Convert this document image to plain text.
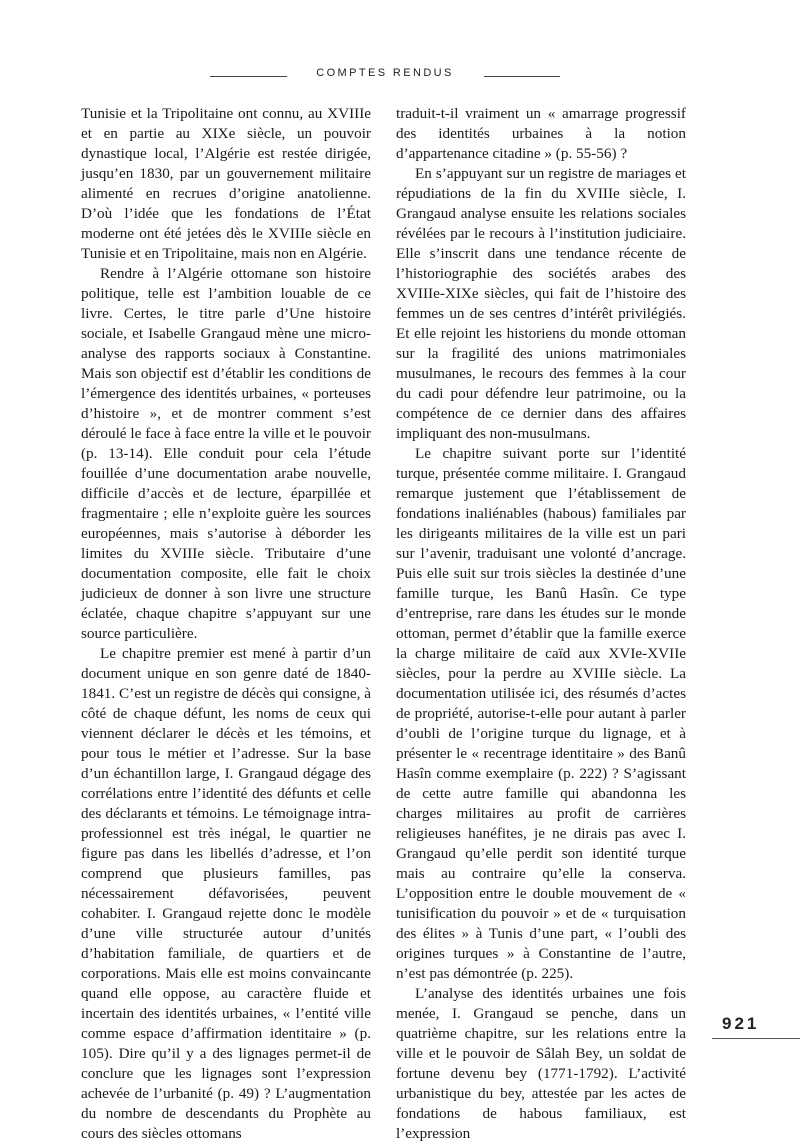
COMPTES RENDUS

Tunisie et la Tripolitaine ont connu, au XVIIIe et en partie au XIXe siècle, un pouvoir dynastique local, l’Algérie est restée dirigée, jusqu’en 1830, par un gouvernement militaire alimenté en recrues d’origine anatolienne. D’où l’idée que les fondations de l’État moderne ont été jetées dès le XVIIIe siècle en Tunisie et en Tripolitaine, mais non en Algérie.

Rendre à l’Algérie ottomane son histoire politique, telle est l’ambition louable de ce livre. Certes, le titre parle d’Une histoire sociale, et Isabelle Grangaud mène une micro-analyse des rapports sociaux à Constantine. Mais son objectif est d’établir les conditions de l’émergence des identités urbaines, « porteuses d’histoire », et de montrer comment s’est déroulé le face à face entre la ville et le pouvoir (p. 13-14). Elle conduit pour cela l’étude fouillée d’une documentation arabe nouvelle, difficile d’accès et de lecture, éparpillée et fragmentaire ; elle n’exploite guère les sources européennes, mais s’autorise à déborder les limites du XVIIIe siècle. Tributaire d’une documentation composite, elle fait le choix judicieux de donner à son livre une structure éclatée, chaque chapitre s’appuyant sur une source particulière.

Le chapitre premier est mené à partir d’un document unique en son genre daté de 1840-1841. C’est un registre de décès qui consigne, à côté de chaque défunt, les noms de ceux qui viennent déclarer le décès et les témoins, et pour tous le métier et l’adresse. Sur la base d’un échantillon large, I. Grangaud dégage des corrélations entre l’identité des défunts et celle des déclarants et témoins. Le témoignage intra-professionnel est très inégal, le quartier ne figure pas dans les libellés d’adresse, et l’on comprend que plusieurs familles, pas nécessairement défavorisées, peuvent cohabiter. I. Grangaud rejette donc le modèle d’une ville structurée autour d’unités d’habitation familiale, de quartiers et de corporations. Mais elle est moins convaincante quand elle oppose, au caractère fluide et incertain des identités urbaines, « l’entité ville comme espace d’affirmation identitaire » (p. 105). Dire qu’il y a des lignages permet-il de conclure que les lignages sont l’expression achevée de l’urbanité (p. 49) ? L’augmentation du nombre de descendants du Prophète au cours des siècles ottomans

traduit-t-il vraiment un « amarrage progressif des identités urbaines à la notion d’appartenance citadine » (p. 55-56) ?

En s’appuyant sur un registre de mariages et répudiations de la fin du XVIIIe siècle, I. Grangaud analyse ensuite les relations sociales révélées par le recours à l’institution judiciaire. Elle s’inscrit dans une tendance récente de l’historiographie des sociétés arabes des XVIIIe-XIXe siècles, qui fait de l’histoire des femmes un de ses centres d’intérêt privilégiés. Et elle rejoint les historiens du monde ottoman sur la fragilité des unions matrimoniales musulmanes, le recours des femmes à la cour du cadi pour défendre leur patrimoine, ou la compétence de ce dernier dans des affaires impliquant des non-musulmans.

Le chapitre suivant porte sur l’identité turque, présentée comme militaire. I. Grangaud remarque justement que l’établissement de fondations inaliénables (habous) familiales par les dirigeants militaires de la ville est un pari sur l’avenir, traduisant une volonté d’ancrage. Puis elle suit sur trois siècles la destinée d’une famille turque, les Banû Hasîn. Ce type d’entreprise, rare dans les études sur le monde ottoman, permet d’établir que la famille exerce la charge militaire de caïd aux XVIe-XVIIe siècles, pour la perdre au XVIIIe siècle. La documentation utilisée ici, des résumés d’actes de propriété, autorise-t-elle pour autant à parler d’oubli de l’origine turque du lignage, et à présenter le « recentrage identitaire » des Banû Hasîn comme exemplaire (p. 222) ? S’agissant de cette autre famille qui abandonna les charges militaires au profit de carrières religieuses hanéfites, je ne dirais pas avec I. Grangaud qu’elle perdit son identité turque mais au contraire qu’elle la conserva. L’opposition entre le double mouvement de « tunisification du pouvoir » et de « turquisation des élites » à Tunis d’une part, « l’oubli des origines turques » à Constantine de l’autre, n’est pas démontrée (p. 225).

L’analyse des identités urbaines une fois menée, I. Grangaud se penche, dans un quatrième chapitre, sur les relations entre la ville et le pouvoir de Sâlah Bey, un soldat de fortune devenu bey (1771-1792). L’activité urbanistique du bey, attestée par les actes de fondations de habous familiaux, est l’expression

921
